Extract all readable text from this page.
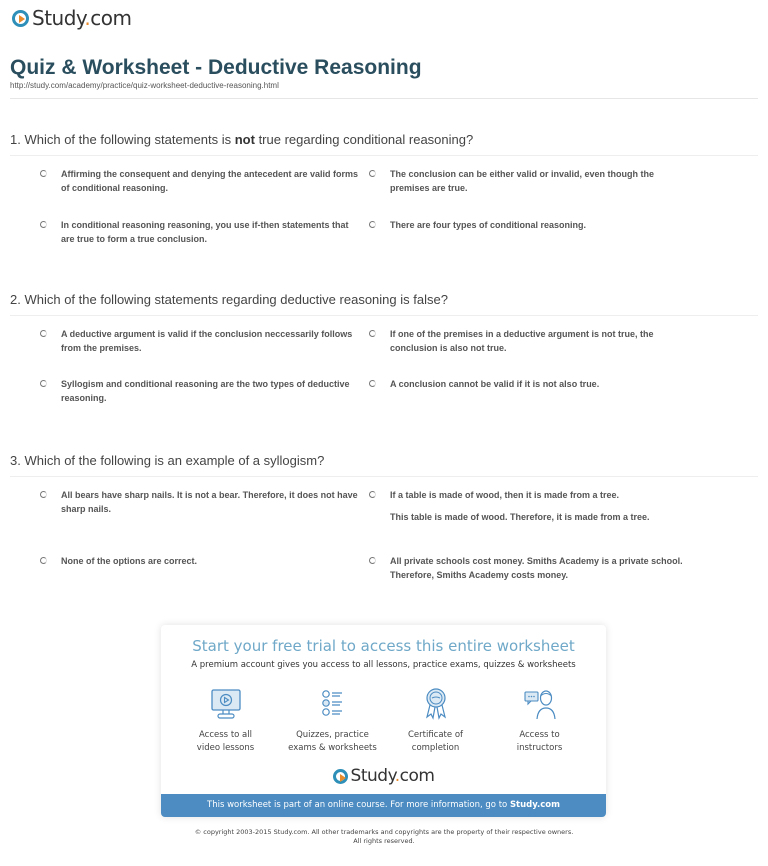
Study.com
Quiz & Worksheet - Deductive Reasoning
http://study.com/academy/practice/quiz-worksheet-deductive-reasoning.html
1. Which of the following statements is not true regarding conditional reasoning?
Affirming the consequent and denying the antecedent are valid forms of conditional reasoning.
The conclusion can be either valid or invalid, even though the premises are true.
In conditional reasoning reasoning, you use if-then statements that are true to form a true conclusion.
There are four types of conditional reasoning.
2. Which of the following statements regarding deductive reasoning is false?
A deductive argument is valid if the conclusion neccessarily follows from the premises.
If one of the premises in a deductive argument is not true, the conclusion is also not true.
Syllogism and conditional reasoning are the two types of deductive reasoning.
A conclusion cannot be valid if it is not also true.
3. Which of the following is an example of a syllogism?
All bears have sharp nails. It is not a bear. Therefore, it does not have sharp nails.
If a table is made of wood, then it is made from a tree.
This table is made of wood. Therefore, it is made from a tree.
None of the options are correct.	All private schools cost money. Smiths Academy is a private school. Therefore, Smiths Academy costs money.
Start your free trial to access this entire worksheet
A premium account gives you access to all lessons, practice exams, quizzes & worksheets
Access to all
video lessons
Quizzes, practice
exams & worksheets
Certificate of
completion
Access to
instructors
Study.com
This worksheet is part of an online course. For more information, go to Study.com
© copyright 2003-2015 Study.com. All other trademarks and copyrights are the property of their respective owners.
All rights reserved.
